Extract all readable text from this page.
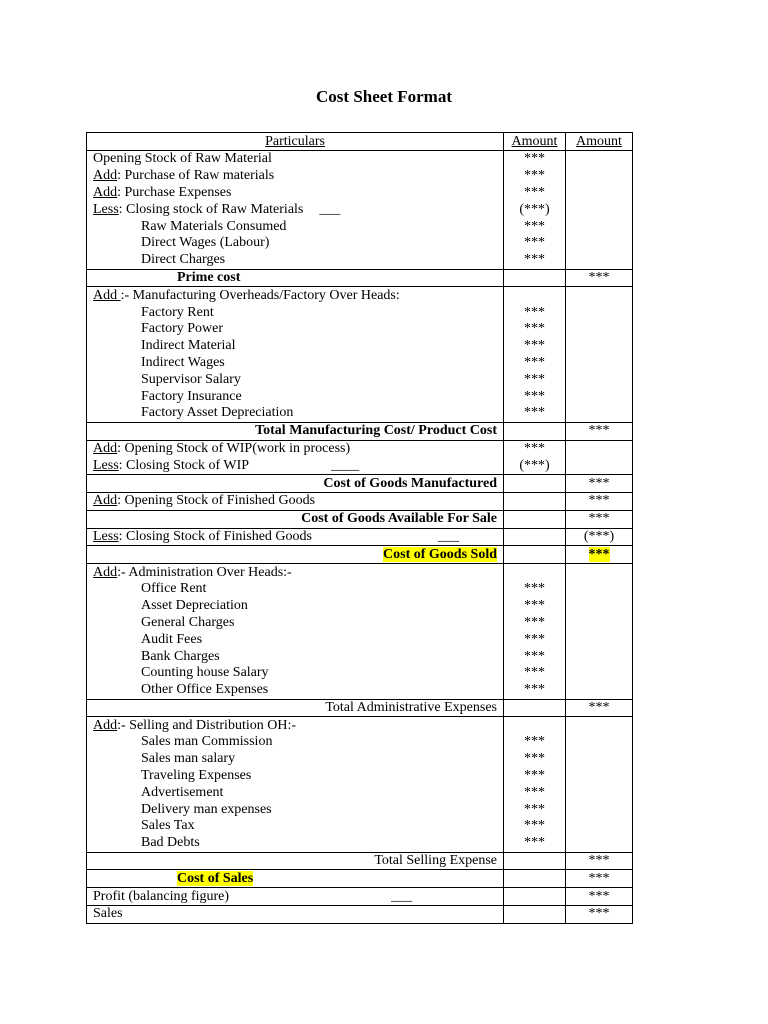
Cost Sheet Format
Particulars	Amount	Amount
Opening Stock of Raw Material	***	
Add: Purchase of Raw materials	***	
Add: Purchase Expenses	***	
Less: Closing stock of Raw Materials ___	(***)	
Raw Materials Consumed	***	
Direct Wages (Labour)	***	
Direct Charges	***	
Prime cost		***
Add :- Manufacturing Overheads/Factory Over Heads:		
Factory Rent	***	
Factory Power	***	
Indirect Material	***	
Indirect Wages	***	
Supervisor Salary	***	
Factory Insurance	***	
Factory Asset Depreciation	***	
Total Manufacturing Cost/ Product Cost		***
Add: Opening Stock of WIP(work in process)	***	
Less: Closing Stock of WIP ____	(***)	
Cost of Goods Manufactured		***
Add: Opening Stock of Finished Goods		***
Cost of Goods Available For Sale		***
Less: Closing Stock of Finished Goods ___		(***)
Cost of Goods Sold		***
Add:- Administration Over Heads:-		
Office Rent	***	
Asset Depreciation	***	
General Charges	***	
Audit Fees	***	
Bank Charges	***	
Counting house Salary	***	
Other Office Expenses	***	
Total Administrative Expenses		***
Add:- Selling and Distribution OH:-		
Sales man Commission	***	
Sales man salary	***	
Traveling Expenses	***	
Advertisement	***	
Delivery man expenses	***	
Sales Tax	***	
Bad Debts	***	
Total Selling Expense		***
Cost of Sales		***
Profit (balancing figure) ___		***
Sales		***
